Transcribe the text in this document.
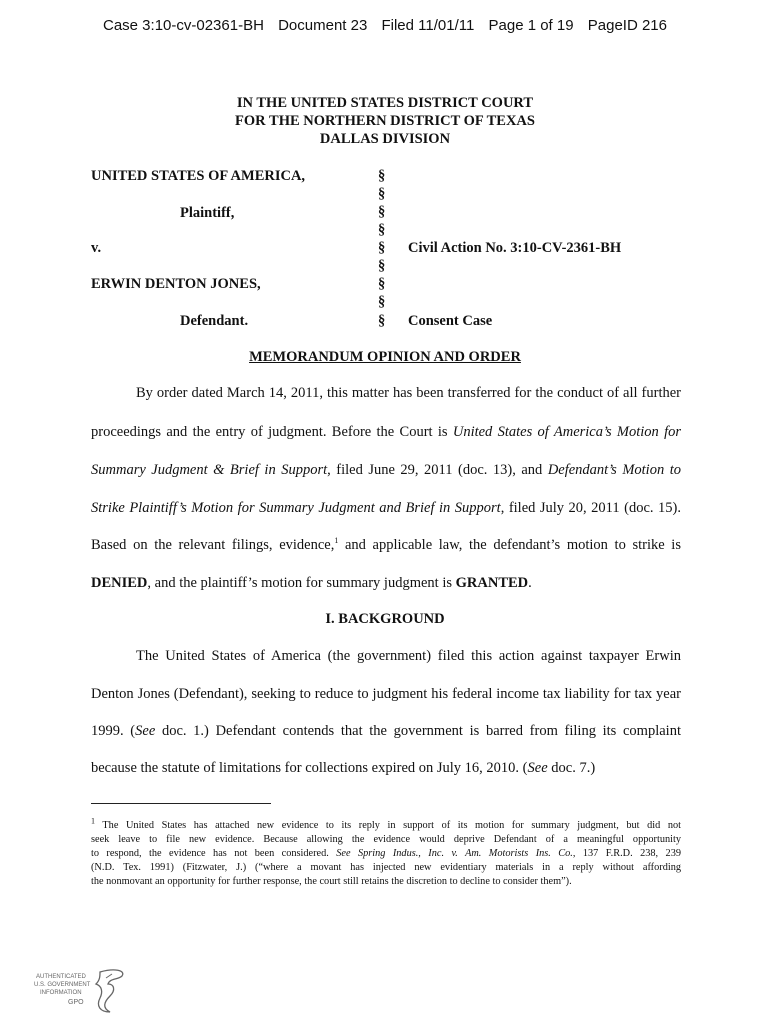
Case 3:10-cv-02361-BH Document 23 Filed 11/01/11 Page 1 of 19 PageID 216
IN THE UNITED STATES DISTRICT COURT
FOR THE NORTHERN DISTRICT OF TEXAS
DALLAS DIVISION
UNITED STATES OF AMERICA,
Plaintiff,
v.
ERWIN DENTON JONES,
Defendant.
§
§
§
§
§
§
§
§
§
Civil Action No. 3:10-CV-2361-BH
Consent Case
MEMORANDUM OPINION AND ORDER
By order dated March 14, 2011, this matter has been transferred for the conduct of all further
proceedings and the entry of judgment. Before the Court is United States of America’s Motion for
Summary Judgment & Brief in Support, filed June 29, 2011 (doc. 13), and Defendant’s Motion to
Strike Plaintiff’s Motion for Summary Judgment and Brief in Support, filed July 20, 2011 (doc. 15).
Based on the relevant filings, evidence,$^1$ and applicable law, the defendant’s motion to strike is
DENIED, and the plaintiff’s motion for summary judgment is GRANTED.
I. BACKGROUND
The United States of America (the government) filed this action against taxpayer Erwin
Denton Jones (Defendant), seeking to reduce to judgment his federal income tax liability for tax year
1999. (See doc. 1.) Defendant contends that the government is barred from filing its complaint
because the statute of limitations for collections expired on July 16, 2010. (See doc. 7.)
$^1$ The United States has attached new evidence to its reply in support of its motion for summary judgment, but did not
seek leave to file new evidence. Because allowing the evidence would deprive Defendant of a meaningful opportunity
to respond, the evidence has not been considered. See Spring Indus., Inc. v. Am. Motorists Ins. Co., 137 F.R.D. 238, 239
(N.D. Tex. 1991) (Fitzwater, J.) (“where a movant has injected new evidentiary materials in a reply without affording
the nonmovant an opportunity for further response, the court still retains the discretion to decline to consider them”).
AUTHENTICATED
U.S. GOVERNMENT
INFORMATION
GPO
